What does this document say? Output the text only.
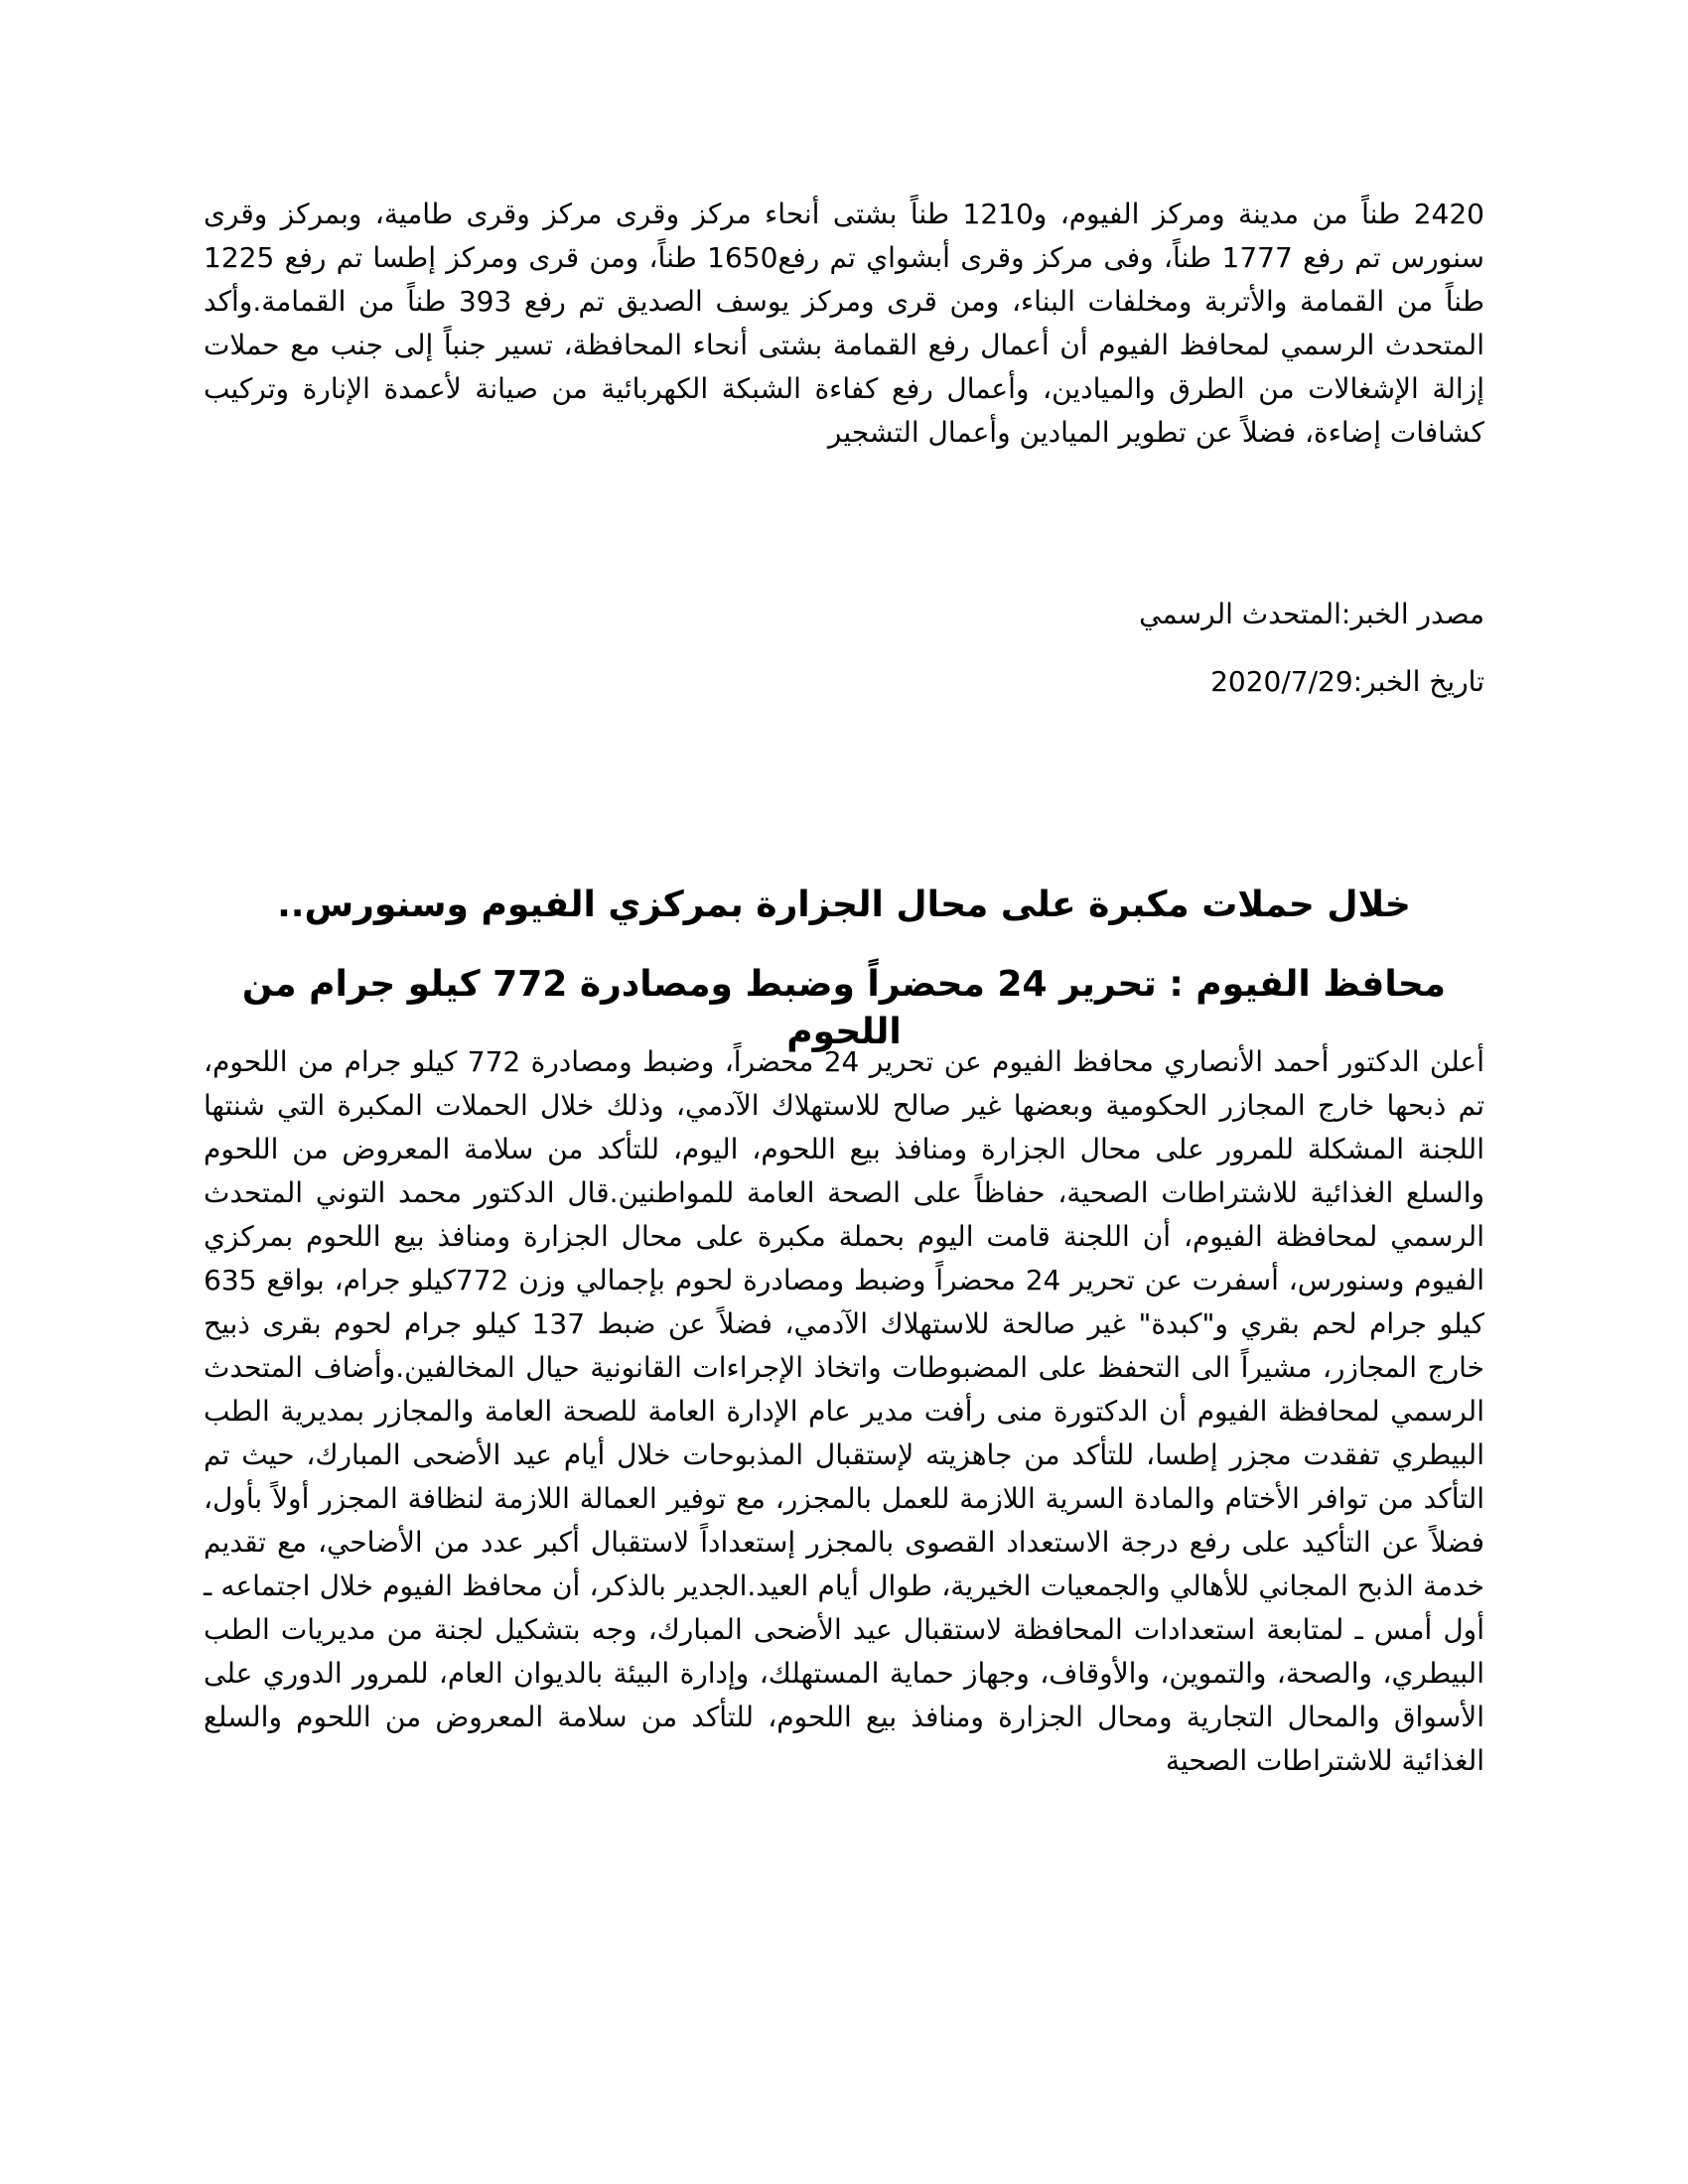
2420 طناً من مدينة ومركز الفيوم، و1210 طناً بشتى أنحاء مركز وقرى مركز وقرى طامية، وبمركز وقرى سنورس تم رفع 1777 طناً، وفى مركز وقرى أبشواي تم رفع1650 طناً، ومن قرى ومركز إطسا تم رفع 1225 طناً من القمامة والأتربة ومخلفات البناء، ومن قرى ومركز يوسف الصديق تم رفع 393 طناً من القمامة.وأكد المتحدث الرسمي لمحافظ الفيوم أن أعمال رفع القمامة بشتى أنحاء المحافظة، تسير جنباً إلى جنب مع حملات إزالة الإشغالات من الطرق والميادين، وأعمال رفع كفاءة الشبكة الكهربائية من صيانة لأعمدة الإنارة وتركيب كشافات إضاءة، فضلاً عن تطوير الميادين وأعمال التشجير

مصدر الخبر:المتحدث الرسمي

تاريخ الخبر:2020/7/29

خلال حملات مكبرة على محال الجزارة بمركزي الفيوم وسنورس..
محافظ الفيوم : تحرير 24 محضراً وضبط ومصادرة 772 كيلو جرام من اللحوم

أعلن الدكتور أحمد الأنصاري محافظ الفيوم عن تحرير 24 محضراً، وضبط ومصادرة 772 كيلو جرام من اللحوم، تم ذبحها خارج المجازر الحكومية وبعضها غير صالح للاستهلاك الآدمي، وذلك خلال الحملات المكبرة التي شنتها اللجنة المشكلة للمرور على محال الجزارة ومنافذ بيع اللحوم، اليوم، للتأكد من سلامة المعروض من اللحوم والسلع الغذائية للاشتراطات الصحية، حفاظاً على الصحة العامة للمواطنين.قال الدكتور محمد التوني المتحدث الرسمي لمحافظة الفيوم، أن اللجنة قامت اليوم بحملة مكبرة على محال الجزارة ومنافذ بيع اللحوم بمركزي الفيوم وسنورس، أسفرت عن تحرير 24 محضراً وضبط ومصادرة لحوم بإجمالي وزن 772كيلو جرام، بواقع 635 كيلو جرام لحم بقري و"كبدة" غير صالحة للاستهلاك الآدمي، فضلاً عن ضبط 137 كيلو جرام لحوم بقرى ذبيح خارج المجازر، مشيراً الى التحفظ على المضبوطات واتخاذ الإجراءات القانونية حيال المخالفين.وأضاف المتحدث الرسمي لمحافظة الفيوم أن الدكتورة منى رأفت مدير عام الإدارة العامة للصحة العامة والمجازر بمديرية الطب البيطري تفقدت مجزر إطسا، للتأكد من جاهزيته لإستقبال المذبوحات خلال أيام عيد الأضحى المبارك، حيث تم التأكد من توافر الأختام والمادة السرية اللازمة للعمل بالمجزر، مع توفير العمالة اللازمة لنظافة المجزر أولاً بأول، فضلاً عن التأكيد على رفع درجة الاستعداد القصوى بالمجزر إستعداداً لاستقبال أكبر عدد من الأضاحي، مع تقديم خدمة الذبح المجاني للأهالي والجمعيات الخيرية، طوال أيام العيد.الجدير بالذكر، أن محافظ الفيوم خلال اجتماعه ـ أول أمس ـ لمتابعة استعدادات المحافظة لاستقبال عيد الأضحى المبارك، وجه بتشكيل لجنة من مديريات الطب البيطري، والصحة، والتموين، والأوقاف، وجهاز حماية المستهلك، وإدارة البيئة بالديوان العام، للمرور الدوري على الأسواق والمحال التجارية ومحال الجزارة ومنافذ بيع اللحوم، للتأكد من سلامة المعروض من اللحوم والسلع الغذائية للاشتراطات الصحية
